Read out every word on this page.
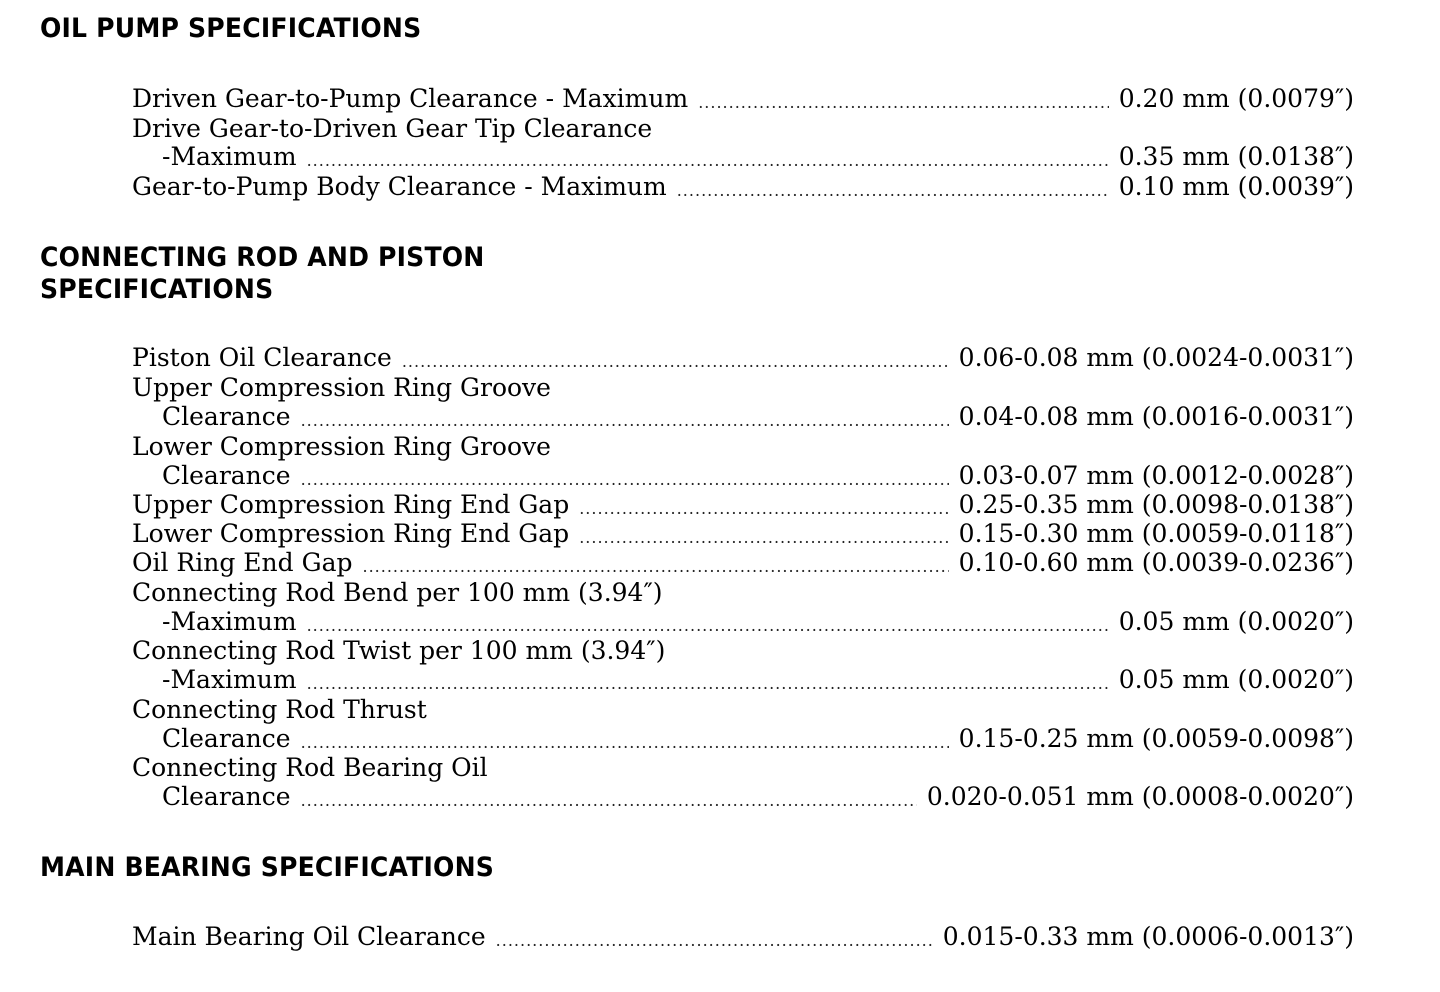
OIL PUMP SPECIFICATIONS
Driven Gear-to-Pump Clearance - Maximum .....	0.20 mm (0.0079″)
Drive Gear-to-Driven Gear Tip Clearance
-Maximum .....	0.35 mm (0.0138″)
Gear-to-Pump Body Clearance - Maximum .....	0.10 mm (0.0039″)
CONNECTING ROD AND PISTON
SPECIFICATIONS
Piston Oil Clearance .....	0.06-0.08 mm (0.0024-0.0031″)
Upper Compression Ring Groove
Clearance .....	0.04-0.08 mm (0.0016-0.0031″)
Lower Compression Ring Groove
Clearance .....	0.03-0.07 mm (0.0012-0.0028″)
Upper Compression Ring End Gap .....	0.25-0.35 mm (0.0098-0.0138″)
Lower Compression Ring End Gap .....	0.15-0.30 mm (0.0059-0.0118″)
Oil Ring End Gap .....	0.10-0.60 mm (0.0039-0.0236″)
Connecting Rod Bend per 100 mm (3.94″)
-Maximum .....	0.05 mm (0.0020″)
Connecting Rod Twist per 100 mm (3.94″)
-Maximum .....	0.05 mm (0.0020″)
Connecting Rod Thrust
Clearance .....	0.15-0.25 mm (0.0059-0.0098″)
Connecting Rod Bearing Oil
Clearance .....	0.020-0.051 mm (0.0008-0.0020″)
MAIN BEARING SPECIFICATIONS
Main Bearing Oil Clearance .....	0.015-0.33 mm (0.0006-0.0013″)
